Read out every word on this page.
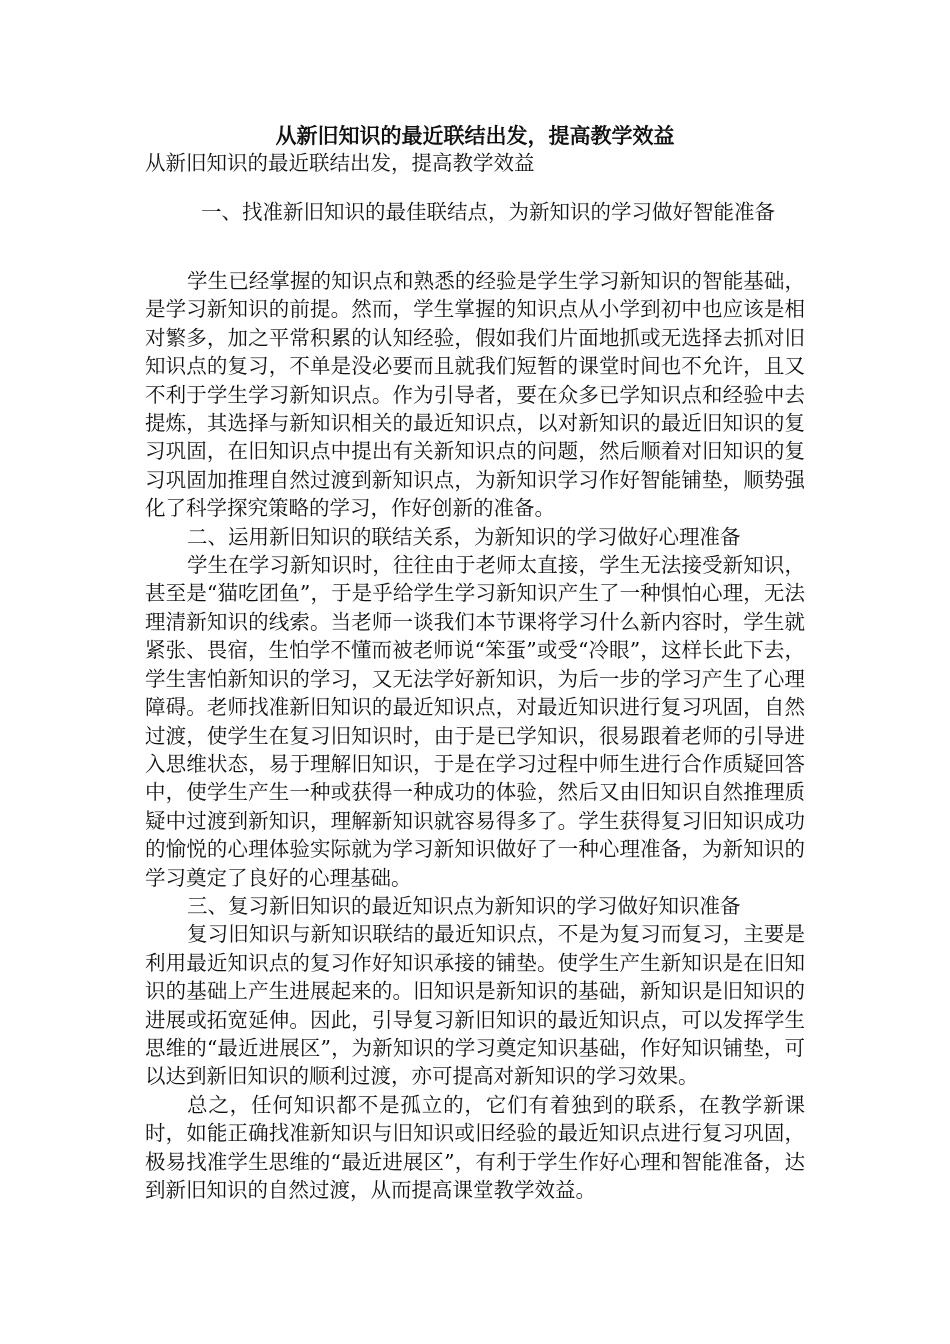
从新旧知识的最近联结出发，提高教学效益
从新旧知识的最近联结出发，提高教学效益
一、找准新旧知识的最佳联结点，为新知识的学习做好智能准备

学生已经掌握的知识点和熟悉的经验是学生学习新知识的智能基础，是学习新知识的前提。然而，学生掌握的知识点从小学到初中也应该是相对繁多，加之平常积累的认知经验，假如我们片面地抓或无选择去抓对旧知识点的复习，不单是没必要而且就我们短暂的课堂时间也不允许，且又不利于学生学习新知识点。作为引导者，要在众多已学知识点和经验中去提炼，其选择与新知识相关的最近知识点，以对新知识的最近旧知识的复习巩固，在旧知识点中提出有关新知识点的问题，然后顺着对旧知识的复习巩固加推理自然过渡到新知识点，为新知识学习作好智能铺垫，顺势强化了科学探究策略的学习，作好创新的准备。

二、运用新旧知识的联结关系，为新知识的学习做好心理准备

学生在学习新知识时，往往由于老师太直接，学生无法接受新知识，甚至是“猫吃团鱼”，于是乎给学生学习新知识产生了一种惧怕心理，无法理清新知识的线索。当老师一谈我们本节课将学习什么新内容时，学生就紧张、畏宿，生怕学不懂而被老师说“笨蛋”或受“冷眼”，这样长此下去，学生害怕新知识的学习，又无法学好新知识，为后一步的学习产生了心理障碍。老师找准新旧知识的最近知识点，对最近知识进行复习巩固，自然过渡，使学生在复习旧知识时，由于是已学知识，很易跟着老师的引导进入思维状态，易于理解旧知识，于是在学习过程中师生进行合作质疑回答中，使学生产生一种或获得一种成功的体验，然后又由旧知识自然推理质疑中过渡到新知识，理解新知识就容易得多了。学生获得复习旧知识成功的愉悦的心理体验实际就为学习新知识做好了一种心理准备，为新知识的学习奠定了良好的心理基础。

三、复习新旧知识的最近知识点为新知识的学习做好知识准备

复习旧知识与新知识联结的最近知识点，不是为复习而复习，主要是利用最近知识点的复习作好知识承接的铺垫。使学生产生新知识是在旧知识的基础上产生进展起来的。旧知识是新知识的基础，新知识是旧知识的进展或拓宽延伸。因此，引导复习新旧知识的最近知识点，可以发挥学生思维的“最近进展区”，为新知识的学习奠定知识基础，作好知识铺垫，可以达到新旧知识的顺利过渡，亦可提高对新知识的学习效果。

总之，任何知识都不是孤立的，它们有着独到的联系，在教学新课时，如能正确找准新知识与旧知识或旧经验的最近知识点进行复习巩固，极易找准学生思维的“最近进展区”，有利于学生作好心理和智能准备，达到新旧知识的自然过渡，从而提高课堂教学效益。
